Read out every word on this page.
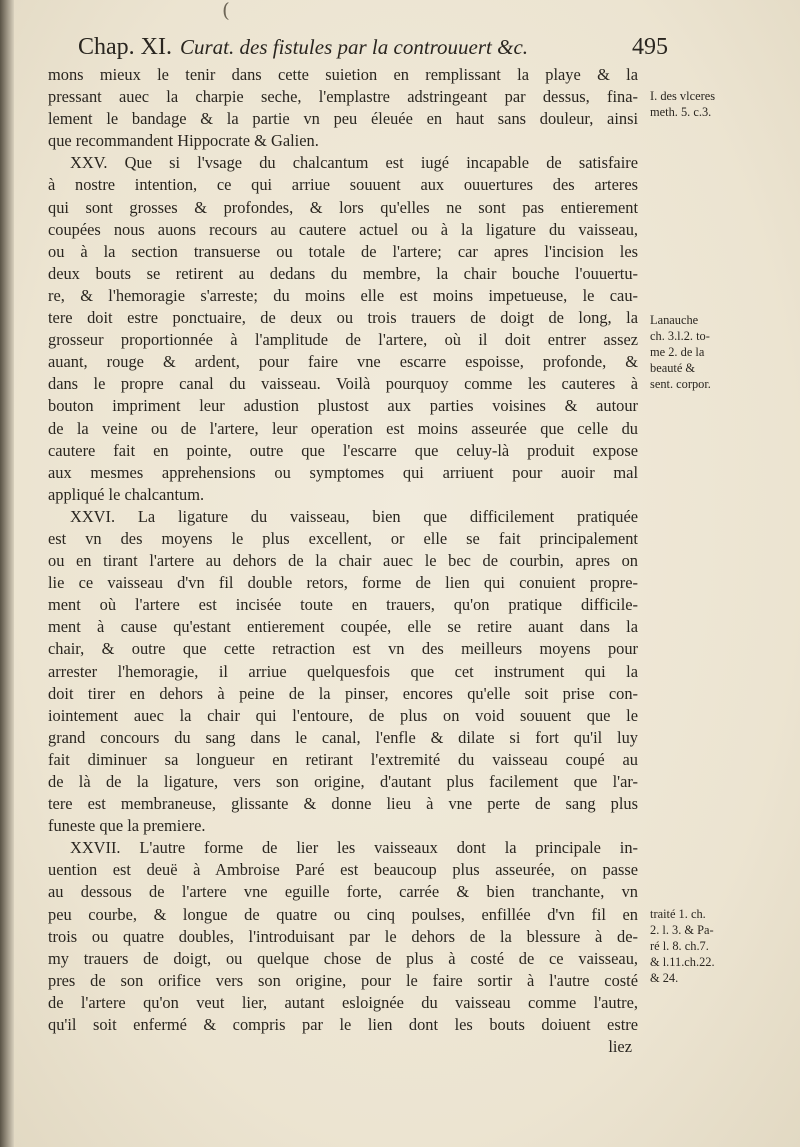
(
Chap. XI. Curat. des fistules par la controuuert &c.	495
mons mieux le tenir dans cette suietion en remplissant la playe & la
pressant auec la charpie seche, l'emplastre adstringeant par dessus, fina-
lement le bandage & la partie vn peu éleuée en haut sans douleur, ainsi
que recommandent Hippocrate & Galien.
XXV. Que si l'vsage du chalcantum est iugé incapable de satisfaire
à nostre intention, ce qui arriue souuent aux ouuertures des arteres
qui sont grosses & profondes, & lors qu'elles ne sont pas entierement
coupées nous auons recours au cautere actuel ou à la ligature du vaisseau,
ou à la section transuerse ou totale de l'artere; car apres l'incision les
deux bouts se retirent au dedans du membre, la chair bouche l'ouuertu-
re, & l'hemoragie s'arreste; du moins elle est moins impetueuse, le cau-
tere doit estre ponctuaire, de deux ou trois trauers de doigt de long, la
grosseur proportionnée à l'amplitude de l'artere, où il doit entrer assez
auant, rouge & ardent, pour faire vne escarre espoisse, profonde, &
dans le propre canal du vaisseau. Voilà pourquoy comme les cauteres à
bouton impriment leur adustion plustost aux parties voisines & autour
de la veine ou de l'artere, leur operation est moins asseurée que celle du
cautere fait en pointe, outre que l'escarre que celuy-là produit expose
aux mesmes apprehensions ou symptomes qui arriuent pour auoir mal
appliqué le chalcantum.
XXVI. La ligature du vaisseau, bien que difficilement pratiquée
est vn des moyens le plus excellent, or elle se fait principalement
ou en tirant l'artere au dehors de la chair auec le bec de courbin, apres on
lie ce vaisseau d'vn fil double retors, forme de lien qui conuient propre-
ment où l'artere est incisée toute en trauers, qu'on pratique difficile-
ment à cause qu'estant entierement coupée, elle se retire auant dans la
chair, & outre que cette retraction est vn des meilleurs moyens pour
arrester l'hemoragie, il arriue quelquesfois que cet instrument qui la
doit tirer en dehors à peine de la pinser, encores qu'elle soit prise con-
iointement auec la chair qui l'entoure, de plus on void souuent que le
grand concours du sang dans le canal, l'enfle & dilate si fort qu'il luy
fait diminuer sa longueur en retirant l'extremité du vaisseau coupé au
de là de la ligature, vers son origine, d'autant plus facilement que l'ar-
tere est membraneuse, glissante & donne lieu à vne perte de sang plus
funeste que la premiere.
XXVII. L'autre forme de lier les vaisseaux dont la principale in-
uention est deuë à Ambroise Paré est beaucoup plus asseurée, on passe
au dessous de l'artere vne eguille forte, carrée & bien tranchante, vn
peu courbe, & longue de quatre ou cinq poulses, enfillée d'vn fil en
trois ou quatre doubles, l'introduisant par le dehors de la blessure à de-
my trauers de doigt, ou quelque chose de plus à costé de ce vaisseau,
pres de son orifice vers son origine, pour le faire sortir à l'autre costé
de l'artere qu'on veut lier, autant esloignée du vaisseau comme l'autre,
qu'il soit enfermé & compris par le lien dont les bouts doiuent estre
liez
I. des vlceres
meth. 5. c.3.
Lanauche
ch. 3.l.2. to-
me 2. de la
beauté &
sent. corpor.
traité 1. ch.
2. l. 3. & Pa-
ré l. 8. ch.7.
& l.11.ch.22.
& 24.
